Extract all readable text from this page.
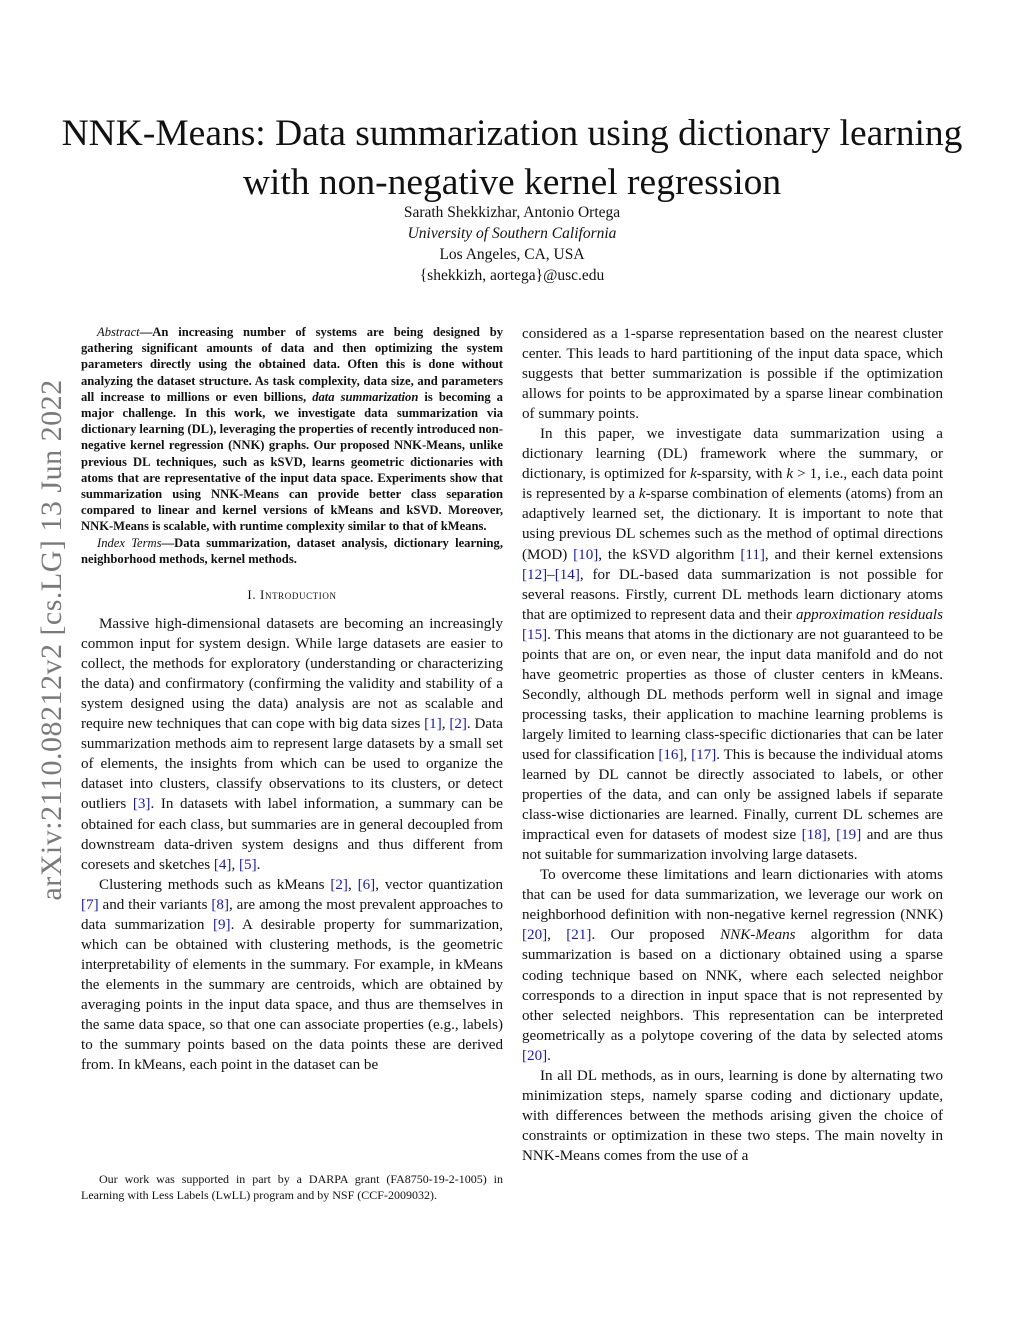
arXiv:2110.08212v2 [cs.LG] 13 Jun 2022
NNK-Means: Data summarization using dictionary learning with non-negative kernel regression
Sarath Shekkizhar, Antonio Ortega
University of Southern California
Los Angeles, CA, USA
{shekkizh, aortega}@usc.edu

Abstract—An increasing number of systems are being designed by gathering significant amounts of data and then optimizing the system parameters directly using the obtained data. Often this is done without analyzing the dataset structure. As task complexity, data size, and parameters all increase to millions or even billions, data summarization is becoming a major challenge. In this work, we investigate data summarization via dictionary learning (DL), leveraging the properties of recently introduced non-negative kernel regression (NNK) graphs. Our proposed NNK-Means, unlike previous DL techniques, such as kSVD, learns geometric dictionaries with atoms that are representative of the input data space. Experiments show that summarization using NNK-Means can provide better class separation compared to linear and kernel versions of kMeans and kSVD. Moreover, NNK-Means is scalable, with runtime complexity similar to that of kMeans.

Index Terms—Data summarization, dataset analysis, dictionary learning, neighborhood methods, kernel methods.

I. Introduction

Massive high-dimensional datasets are becoming an increasingly common input for system design. While large datasets are easier to collect, the methods for exploratory (understanding or characterizing the data) and confirmatory (confirming the validity and stability of a system designed using the data) analysis are not as scalable and require new techniques that can cope with big data sizes [1], [2]. Data summarization methods aim to represent large datasets by a small set of elements, the insights from which can be used to organize the dataset into clusters, classify observations to its clusters, or detect outliers [3]. In datasets with label information, a summary can be obtained for each class, but summaries are in general decoupled from downstream data-driven system designs and thus different from coresets and sketches [4], [5].

Clustering methods such as kMeans [2], [6], vector quantization [7] and their variants [8], are among the most prevalent approaches to data summarization [9]. A desirable property for summarization, which can be obtained with clustering methods, is the geometric interpretability of elements in the summary. For example, in kMeans the elements in the summary are centroids, which are obtained by averaging points in the input data space, and thus are themselves in the same data space, so that one can associate properties (e.g., labels) to the summary points based on the data points these are derived from. In kMeans, each point in the dataset can be

Our work was supported in part by a DARPA grant (FA8750-19-2-1005) in Learning with Less Labels (LwLL) program and by NSF (CCF-2009032).

considered as a 1-sparse representation based on the nearest cluster center. This leads to hard partitioning of the input data space, which suggests that better summarization is possible if the optimization allows for points to be approximated by a sparse linear combination of summary points.

In this paper, we investigate data summarization using a dictionary learning (DL) framework where the summary, or dictionary, is optimized for k-sparsity, with k > 1, i.e., each data point is represented by a k-sparse combination of elements (atoms) from an adaptively learned set, the dictionary. It is important to note that using previous DL schemes such as the method of optimal directions (MOD) [10], the kSVD algorithm [11], and their kernel extensions [12]–[14], for DL-based data summarization is not possible for several reasons. Firstly, current DL methods learn dictionary atoms that are optimized to represent data and their approximation residuals [15]. This means that atoms in the dictionary are not guaranteed to be points that are on, or even near, the input data manifold and do not have geometric properties as those of cluster centers in kMeans. Secondly, although DL methods perform well in signal and image processing tasks, their application to machine learning problems is largely limited to learning class-specific dictionaries that can be later used for classification [16], [17]. This is because the individual atoms learned by DL cannot be directly associated to labels, or other properties of the data, and can only be assigned labels if separate class-wise dictionaries are learned. Finally, current DL schemes are impractical even for datasets of modest size [18], [19] and are thus not suitable for summarization involving large datasets.

To overcome these limitations and learn dictionaries with atoms that can be used for data summarization, we leverage our work on neighborhood definition with non-negative kernel regression (NNK) [20], [21]. Our proposed NNK-Means algorithm for data summarization is based on a dictionary obtained using a sparse coding technique based on NNK, where each selected neighbor corresponds to a direction in input space that is not represented by other selected neighbors. This representation can be interpreted geometrically as a polytope covering of the data by selected atoms [20].

In all DL methods, as in ours, learning is done by alternating two minimization steps, namely sparse coding and dictionary update, with differences between the methods arising given the choice of constraints or optimization in these two steps. The main novelty in NNK-Means comes from the use of a
